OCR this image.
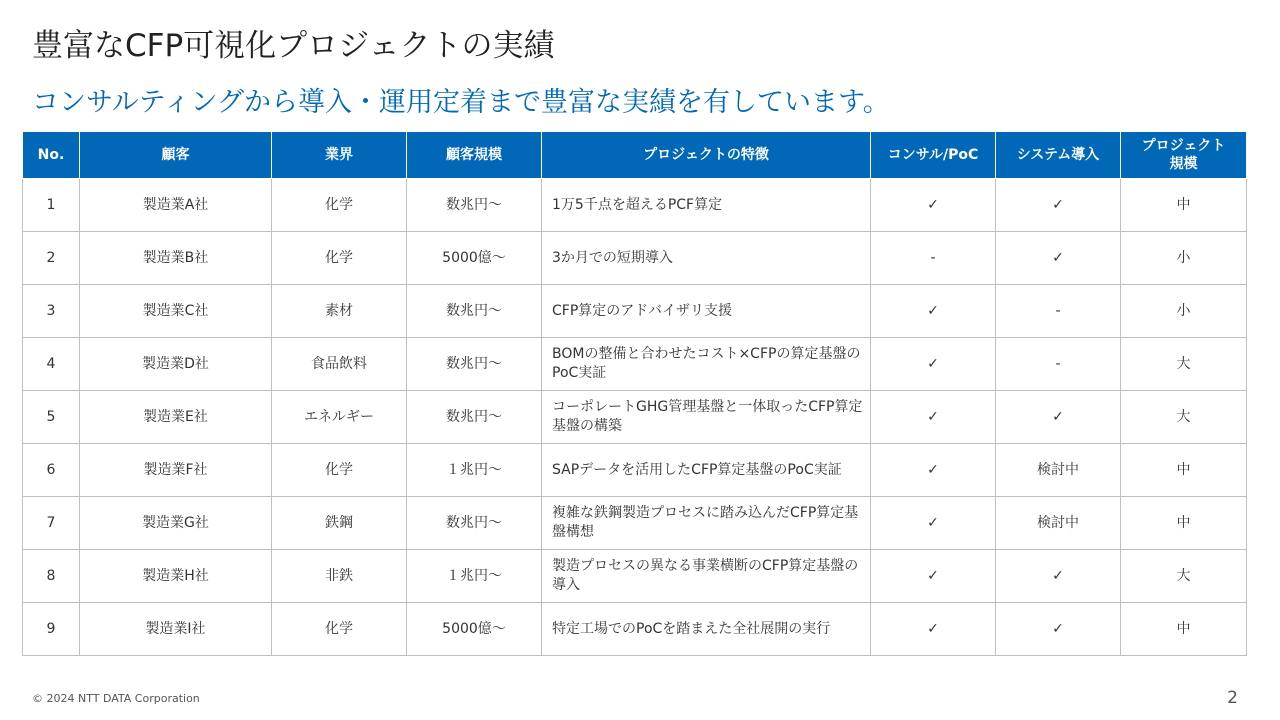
豊富なCFP可視化プロジェクトの実績
コンサルティングから導入・運用定着まで豊富な実績を有しています。
No.	顧客	業界	顧客規模	プロジェクトの特徴	コンサル/PoC	システム導入	プロジェクト
規模
1	製造業A社	化学	数兆円～	1万5千点を超えるPCF算定	✓	✓	中
2	製造業B社	化学	5000億～	3か月での短期導入	-	✓	小
3	製造業C社	素材	数兆円～	CFP算定のアドバイザリ支援	✓	-	小
4	製造業D社	食品飲料	数兆円～	BOMの整備と合わせたコスト×CFPの算定基盤のPoC実証	✓	-	大
5	製造業E社	エネルギー	数兆円～	コーポレートGHG管理基盤と一体取ったCFP算定基盤の構築	✓	✓	大
6	製造業F社	化学	１兆円～	SAPデータを活用したCFP算定基盤のPoC実証	✓	検討中	中
7	製造業G社	鉄鋼	数兆円～	複雑な鉄鋼製造プロセスに踏み込んだCFP算定基盤構想	✓	検討中	中
8	製造業H社	非鉄	１兆円～	製造プロセスの異なる事業横断のCFP算定基盤の導入	✓	✓	大
9	製造業I社	化学	5000億～	特定工場でのPoCを踏まえた全社展開の実行	✓	✓	中
© 2024 NTT DATA Corporation	2
